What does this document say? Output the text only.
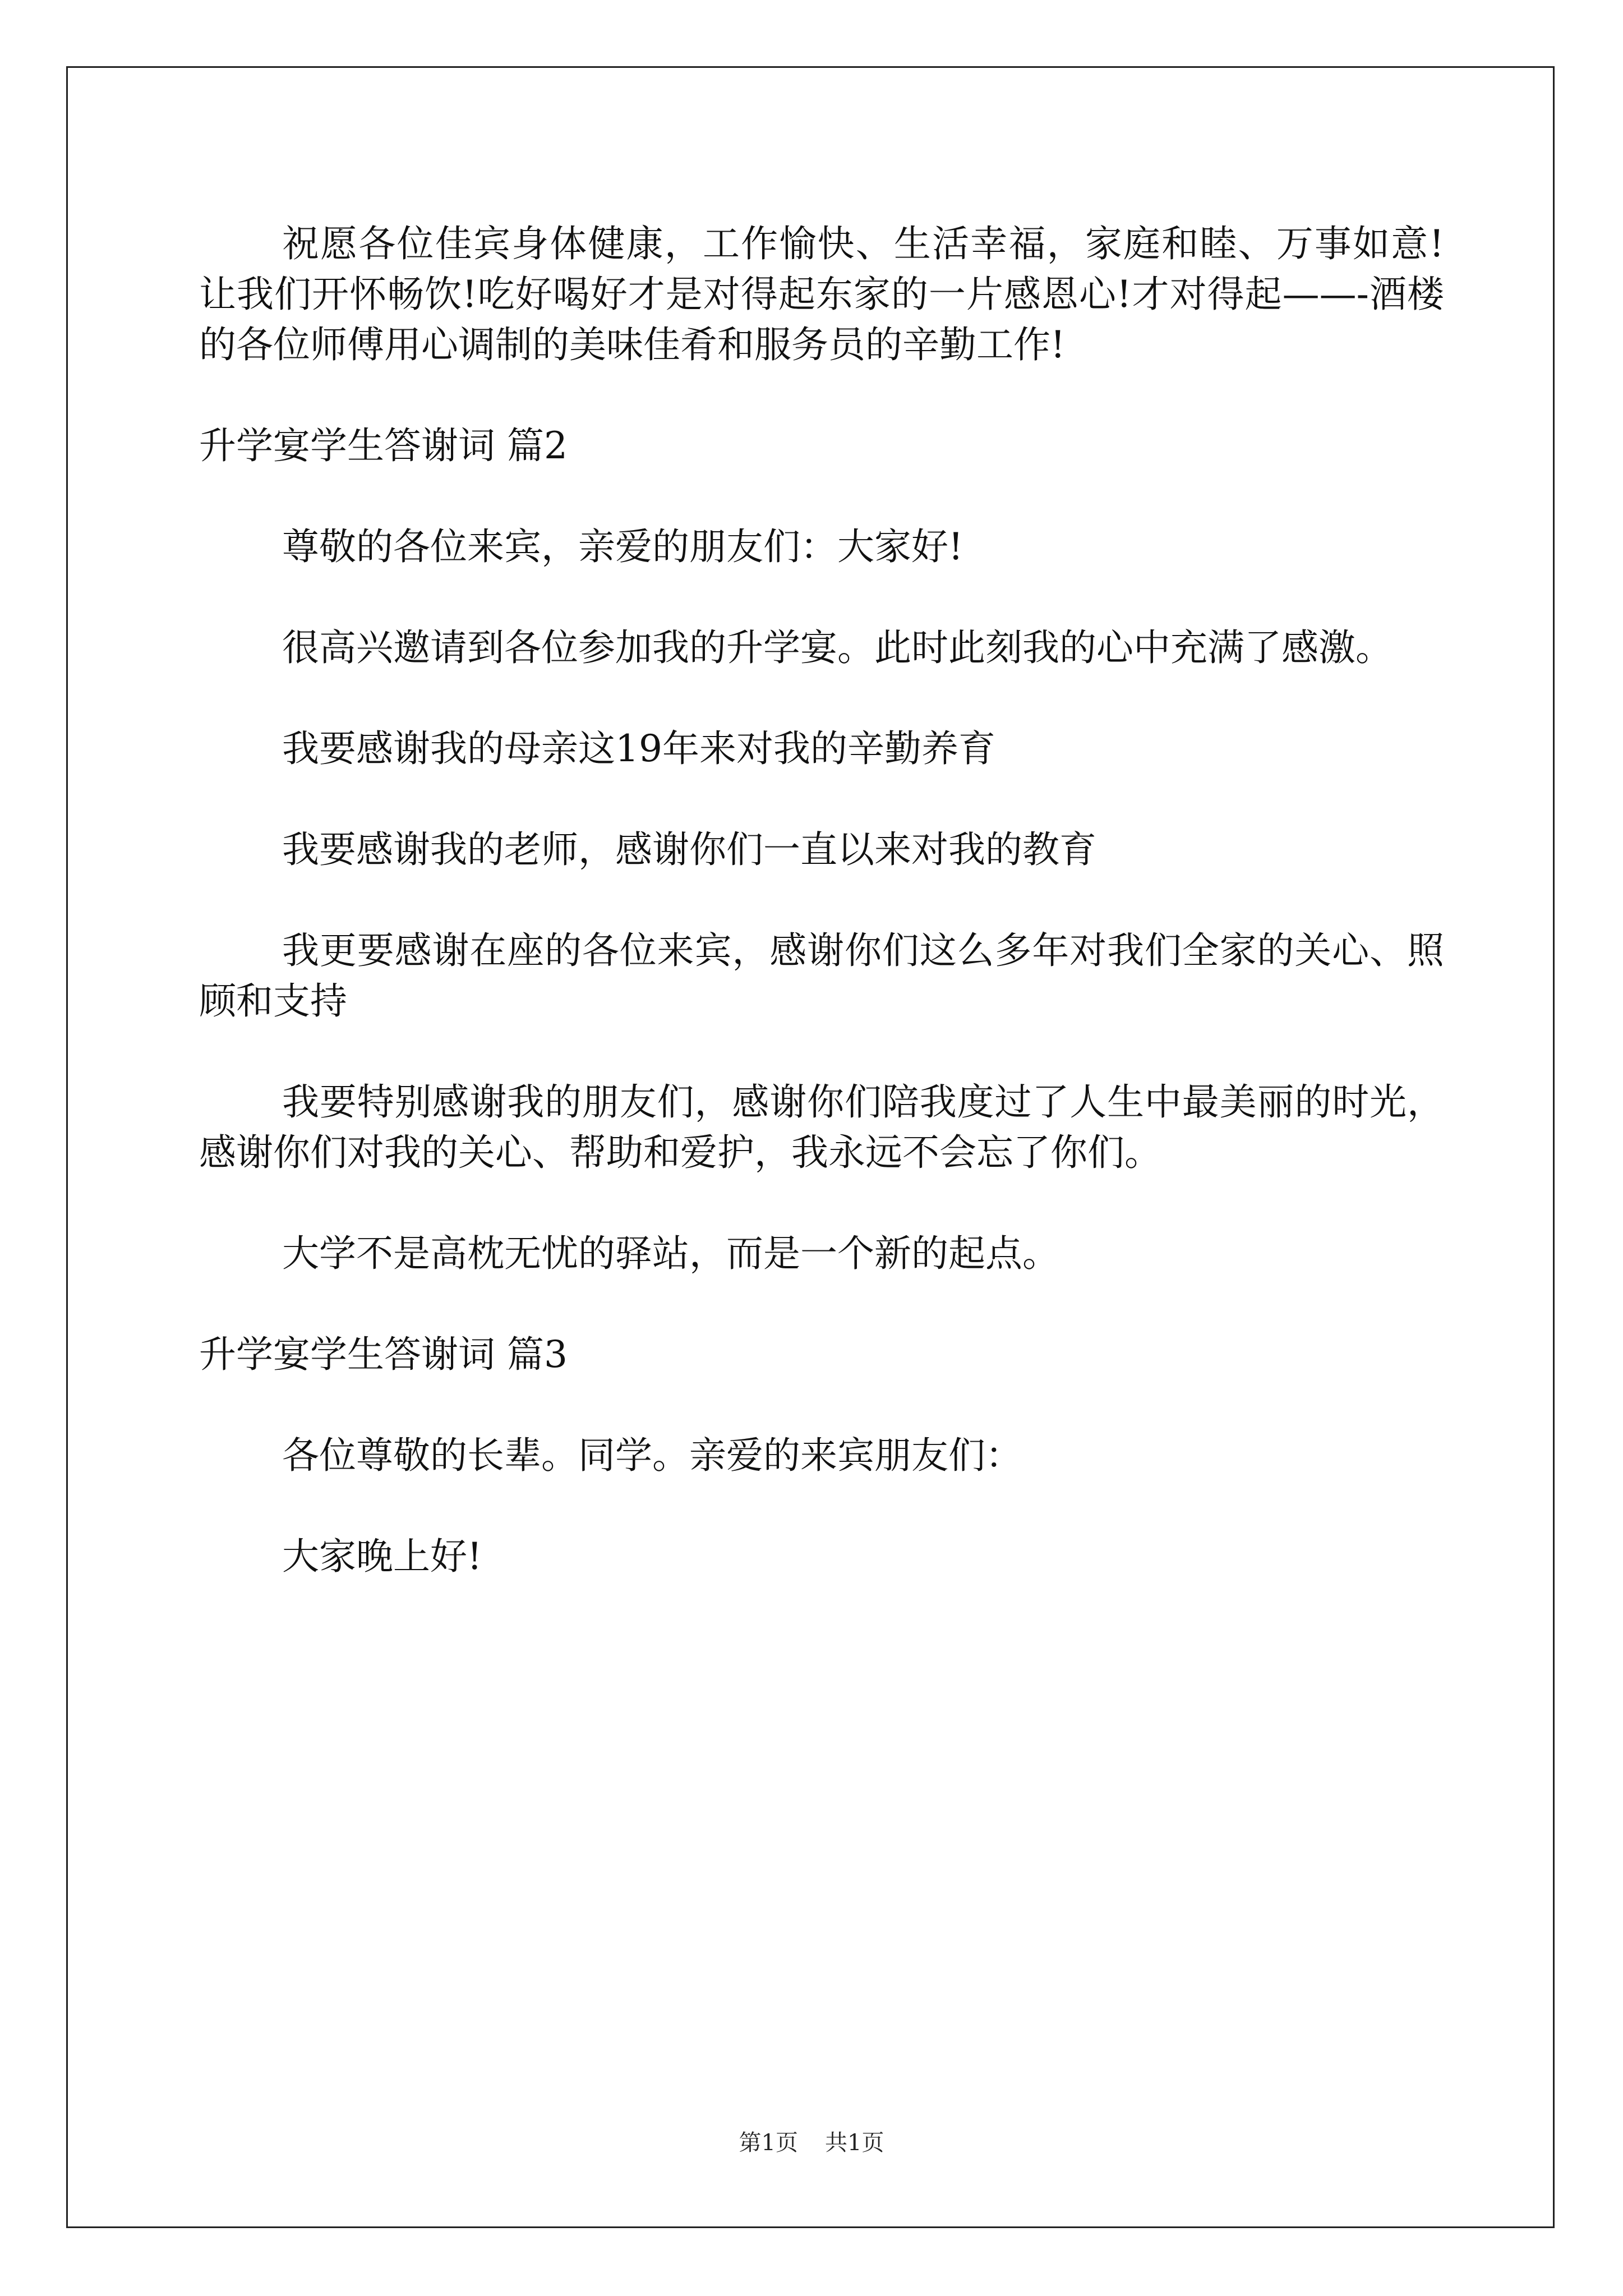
祝愿各位佳宾身体健康，工作愉快、生活幸福，家庭和睦、万事如意!让我们开怀畅饮!吃好喝好才是对得起东家的一片感恩心!才对得起——-酒楼的各位师傅用心调制的美味佳肴和服务员的辛勤工作!

升学宴学生答谢词 篇2

尊敬的各位来宾，亲爱的朋友们：大家好!

很高兴邀请到各位参加我的升学宴。此时此刻我的心中充满了感激。

我要感谢我的母亲这19年来对我的辛勤养育

我要感谢我的老师，感谢你们一直以来对我的教育

我更要感谢在座的各位来宾，感谢你们这么多年对我们全家的关心、照顾和支持

我要特别感谢我的朋友们，感谢你们陪我度过了人生中最美丽的时光，感谢你们对我的关心、帮助和爱护，我永远不会忘了你们。

大学不是高枕无忧的驿站，而是一个新的起点。

升学宴学生答谢词 篇3

各位尊敬的长辈。同学。亲爱的来宾朋友们：

大家晚上好!

第1页 共1页
